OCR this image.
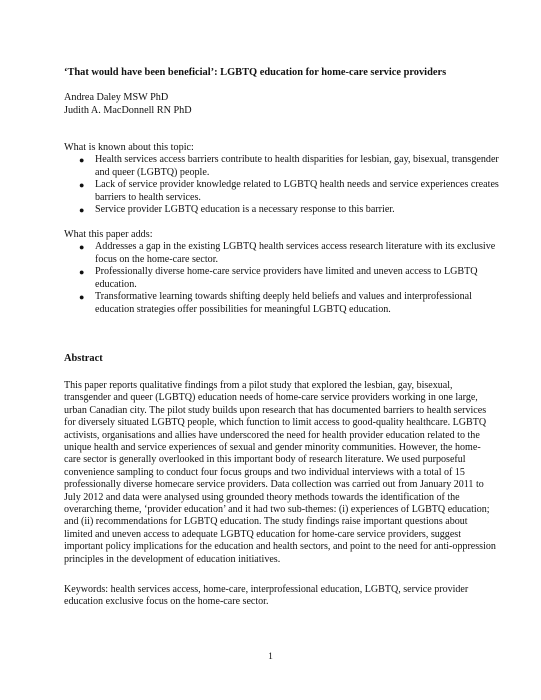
‘That would have been beneficial’: LGBTQ education for home-care service providers
Andrea Daley MSW PhD
Judith A. MacDonnell RN PhD
What is known about this topic:
● Health services access barriers contribute to health disparities for lesbian, gay, bisexual, transgender and queer (LGBTQ) people.
● Lack of service provider knowledge related to LGBTQ health needs and service experiences creates barriers to health services.
● Service provider LGBTQ education is a necessary response to this barrier.
What this paper adds:
● Addresses a gap in the existing LGBTQ health services access research literature with its exclusive focus on the home-care sector.
● Professionally diverse home-care service providers have limited and uneven access to LGBTQ education.
● Transformative learning towards shifting deeply held beliefs and values and interprofessional education strategies offer possibilities for meaningful LGBTQ education.
Abstract
This paper reports qualitative findings from a pilot study that explored the lesbian, gay, bisexual, transgender and queer (LGBTQ) education needs of home-care service providers working in one large, urban Canadian city. The pilot study builds upon research that has documented barriers to health services for diversely situated LGBTQ people, which function to limit access to good-quality healthcare. LGBTQ activists, organisations and allies have underscored the need for health provider education related to the unique health and service experiences of sexual and gender minority communities. However, the home-care sector is generally overlooked in this important body of research literature. We used purposeful convenience sampling to conduct four focus groups and two individual interviews with a total of 15 professionally diverse homecare service providers. Data collection was carried out from January 2011 to July 2012 and data were analysed using grounded theory methods towards the identification of the overarching theme, ‘provider education’ and it had two sub-themes: (i) experiences of LGBTQ education; and (ii) recommendations for LGBTQ education. The study findings raise important questions about limited and uneven access to adequate LGBTQ education for home-care service providers, suggest important policy implications for the education and health sectors, and point to the need for anti-oppression principles in the development of education initiatives.
Keywords: health services access, home-care, interprofessional education, LGBTQ, service provider education exclusive focus on the home-care sector.
1
